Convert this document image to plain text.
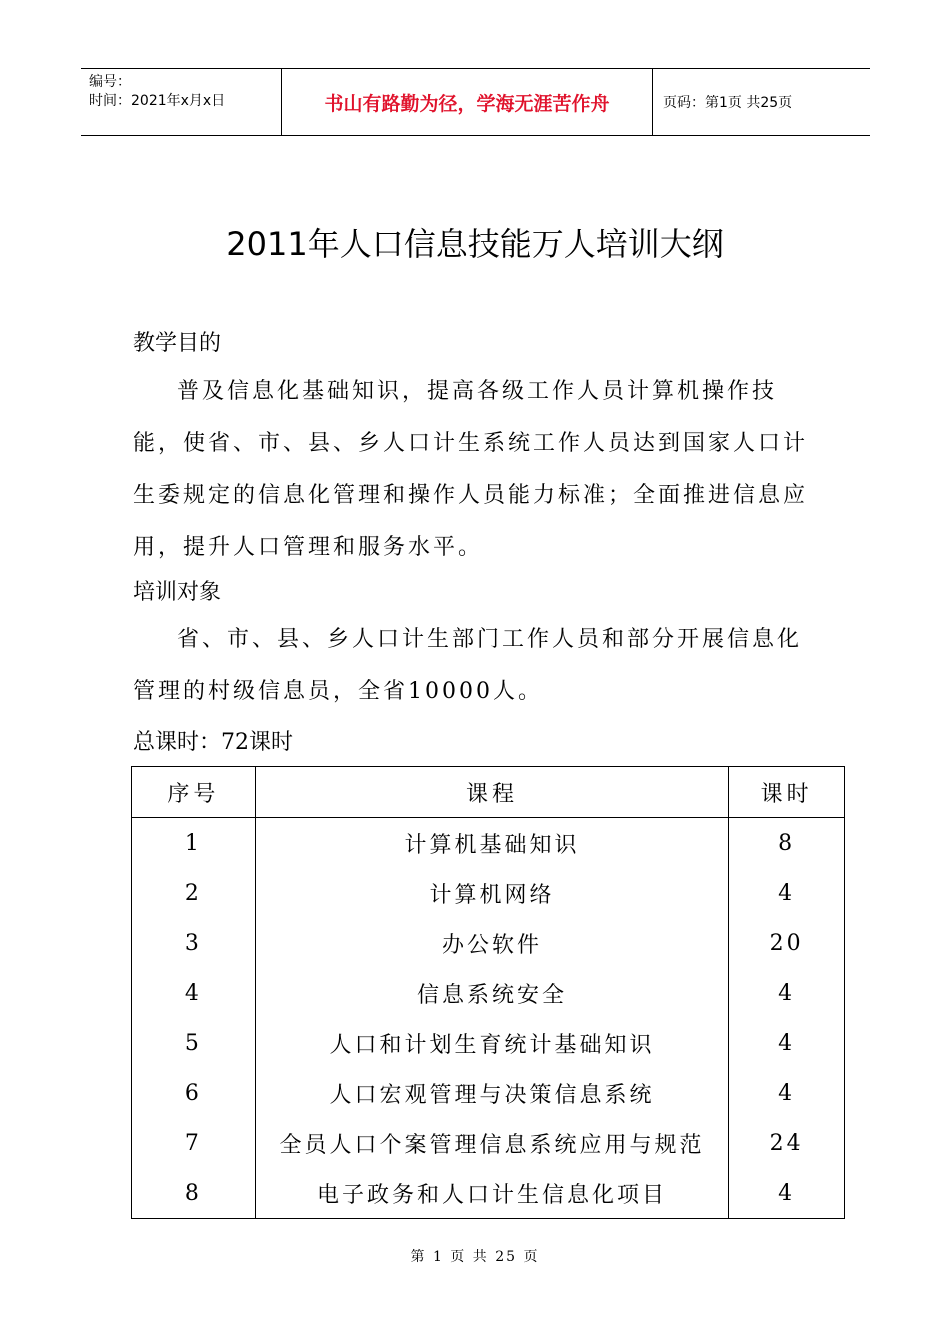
编号：
时间：2021年x月x日	书山有路勤为径，学海无涯苦作舟	页码：第1页 共25页
2011年人口信息技能万人培训大纲
教学目的

普及信息化基础知识，提高各级工作人员计算机操作技能，使省、市、县、乡人口计生系统工作人员达到国家人口计生委规定的信息化管理和操作人员能力标准；全面推进信息应用，提升人口管理和服务水平。

培训对象

省、市、县、乡人口计生部门工作人员和部分开展信息化管理的村级信息员，全省10000人。

总课时：72课时
序号	课程	课时
1	计算机基础知识	8
2	计算机网络	4
3	办公软件	20
4	信息系统安全	4
5	人口和计划生育统计基础知识	4
6	人口宏观管理与决策信息系统	4
7	全员人口个案管理信息系统应用与规范	24
8	电子政务和人口计生信息化项目	4
第 1 页 共 25 页
